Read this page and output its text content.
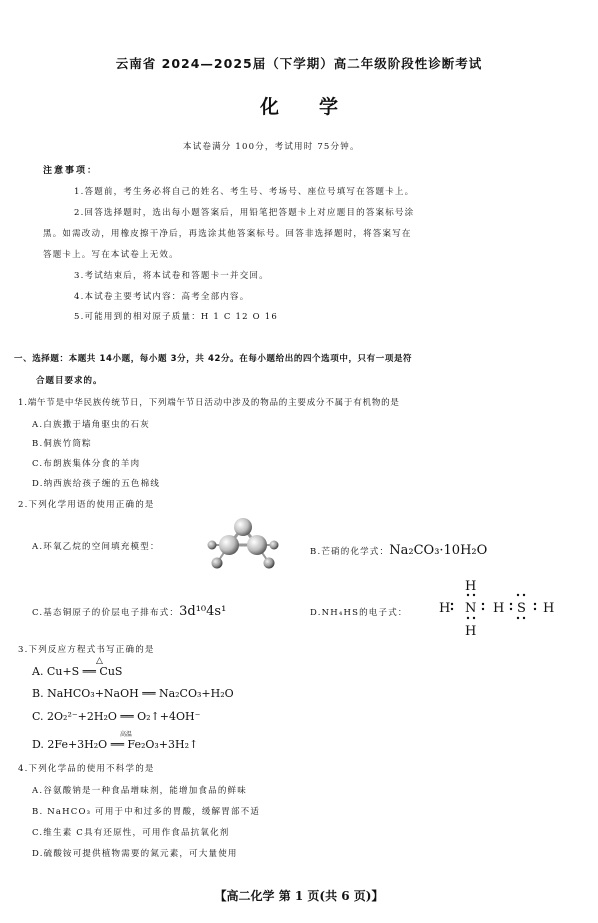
云南省 2024—2025届（下学期）高二年级阶段性诊断考试
化学
本试卷满分 100分，考试用时 75分钟。
注意事项：
1.答题前，考生务必将自己的姓名、考生号、考场号、座位号填写在答题卡上。
2.回答选择题时，选出每小题答案后，用铅笔把答题卡上对应题目的答案标号涂
黑。如需改动，用橡皮擦干净后，再选涂其他答案标号。回答非选择题时，将答案写在
答题卡上。写在本试卷上无效。
3.考试结束后，将本试卷和答题卡一并交回。
4.本试卷主要考试内容：高考全部内容。
5.可能用到的相对原子质量：H 1 C 12 O 16
一、选择题：本题共 14小题，每小题 3分，共 42分。在每小题给出的四个选项中，只有一项是符
合题目要求的。
1.端午节是中华民族传统节日，下列端午节日活动中涉及的物品的主要成分不属于有机物的是
A.白族撒于墙角驱虫的石灰
B.侗族竹筒粽
C.布朗族集体分食的羊肉
D.纳西族给孩子缠的五色棉线
2.下列化学用语的使用正确的是
A.环氧乙烷的空间填充模型：	B.芒硝的化学式：Na₂CO₃·10H₂O
C.基态铜原子的价层电子排布式：3d¹⁰4s¹	D.NH₄HS的电子式：
H
H
H N H S H
3.下列反应方程式书写正确的是
A. Cu+S ══ CuS
△
B. NaHCO₃+NaOH ══ Na₂CO₃+H₂O
C. 2O₂²⁻+2H₂O ══ O₂↑+4OH⁻
D. 2Fe+3H₂O ══ Fe₂O₃+3H₂↑
高温
4.下列化学品的使用不科学的是
A.谷氨酸钠是一种食品增味剂，能增加食品的鲜味
B. NaHCO₃ 可用于中和过多的胃酸，缓解胃部不适
C.维生素 C具有还原性，可用作食品抗氧化剂
D.硫酸铵可提供植物需要的氮元素，可大量使用
【高二化学 第 1 页(共 6 页)】
